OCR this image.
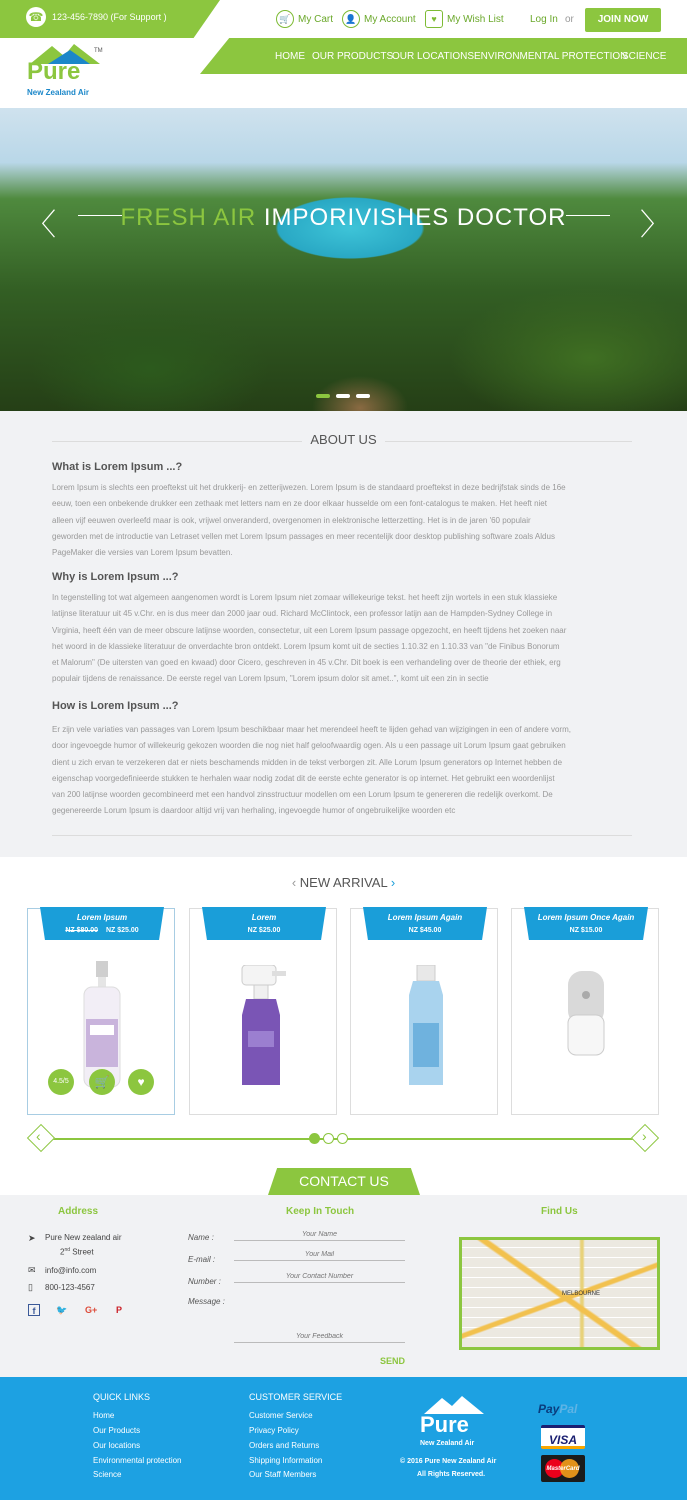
☎ 123-456-7890 (For Support )	🛒 My Cart	👤 My Account	♥	My Wish List	Log In or	JOIN NOW
Pure
New Zealand Air
TM	HOME OUR PRODUCTS
OUR LOCATIONS ENVIRONMENTAL PROTECTION
SCIENCE
FRESH AIR IMPORIVISHES DOCTOR
〈	〉
ABOUT US
What is Lorem Ipsum ...?
Lorem Ipsum is slechts een proeftekst uit het drukkerij- en zetterijwezen. Lorem Ipsum is de standaard proeftekst in deze bedrijfstak sinds de 16e
eeuw, toen een onbekende drukker een zethaak met letters nam en ze door elkaar husselde om een font-catalogus te maken. Het heeft niet
alleen vijf eeuwen overleefd maar is ook, vrijwel onveranderd, overgenomen in elektronische letterzetting. Het is in de jaren '60 populair
geworden met de introductie van Letraset vellen met Lorem Ipsum passages en meer recentelijk door desktop publishing software zoals Aldus
PageMaker die versies van Lorem Ipsum bevatten.
Why is Lorem Ipsum ...?
In tegenstelling tot wat algemeen aangenomen wordt is Lorem Ipsum niet zomaar willekeurige tekst. het heeft zijn wortels in een stuk klassieke
latijnse literatuur uit 45 v.Chr. en is dus meer dan 2000 jaar oud. Richard McClintock, een professor latijn aan de Hampden-Sydney College in
Virginia, heeft één van de meer obscure latijnse woorden, consectetur, uit een Lorem Ipsum passage opgezocht, en heeft tijdens het zoeken naar
het woord in de klassieke literatuur de onverdachte bron ontdekt. Lorem Ipsum komt uit de secties 1.10.32 en 1.10.33 van "de Finibus Bonorum
et Malorum" (De uitersten van goed en kwaad) door Cicero, geschreven in 45 v.Chr. Dit boek is een verhandeling over de theorie der ethiek, erg
populair tijdens de renaissance. De eerste regel van Lorem Ipsum, "Lorem ipsum dolor sit amet..", komt uit een zin in sectie
How is Lorem Ipsum ...?
Er zijn vele variaties van passages van Lorem Ipsum beschikbaar maar het merendeel heeft te lijden gehad van wijzigingen in een of andere vorm,
door ingevoegde humor of willekeurig gekozen woorden die nog niet half geloofwaardig ogen. Als u een passage uit Lorum Ipsum gaat gebruiken
dient u zich ervan te verzekeren dat er niets beschamends midden in de tekst verborgen zit. Alle Lorum Ipsum generators op Internet hebben de
eigenschap voorgedefinieerde stukken te herhalen waar nodig zodat dit de eerste echte generator is op internet. Het gebruikt een woordenlijst
van 200 latijnse woorden gecombineerd met een handvol zinsstructuur modellen om een Lorum Ipsum te genereren die redelijk overkomt. De
gegenereerde Lorum Ipsum is daardoor altijd vrij van herhaling, ingevoegde humor of ongebruikelijke woorden etc
‹ NEW ARRIVAL ›
Lorem Ipsum
NZ $80.00 NZ $25.00
4.5/5	🛒	♥
Lorem
NZ $25.00
Lorem Ipsum Again
NZ $45.00
Lorem Ipsum Once Again
NZ $15.00
‹	›
CONTACT US
Address
➤ Pure New zealand air
2nd Street
✉ info@info.com
▯ 800-123-4567
f	🐦 G+	P
Keep In Touch
Name :
Your Name
E-mail :
Your Mail
Number :
Your Contact Number
Message :
Your Feedback
SEND
Find Us
MELBOURNE
QUICK LINKS
Home
Our Products
Our locations
Environmental protection
Science
CUSTOMER SERVICE
Customer Service
Privacy Policy
Orders and Returns
Shipping Information
Our Staff Members
Pure
New Zealand Air
© 2016 Pure New Zealand Air
All Rights Reserved.
PayPal
VISA
MasterCard
